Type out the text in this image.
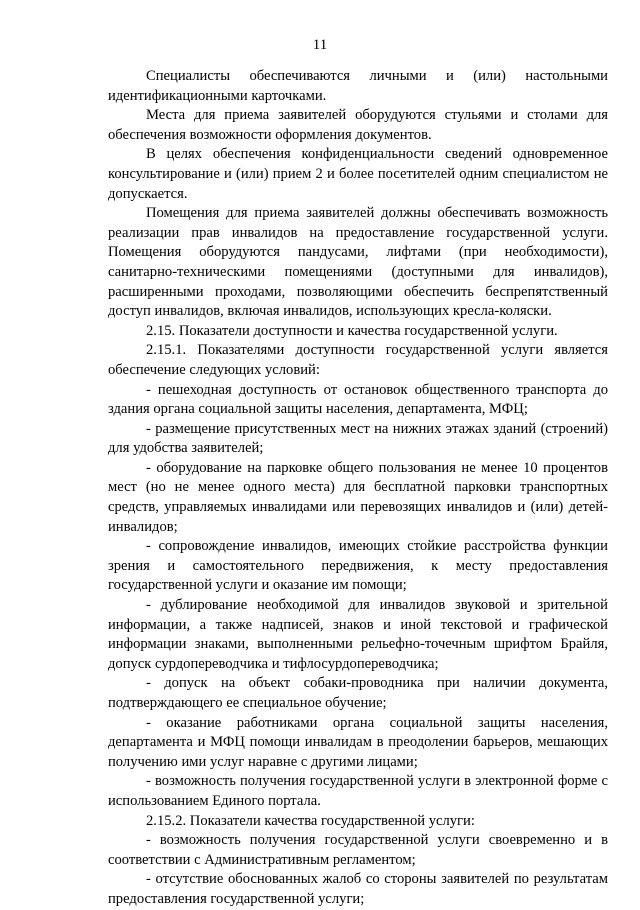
11

Специалисты обеспечиваются личными и (или) настольными идентификационными карточками.

Места для приема заявителей оборудуются стульями и столами для обеспечения возможности оформления документов.

В целях обеспечения конфиденциальности сведений одновременное консультирование и (или) прием 2 и более посетителей одним специалистом не допускается.

Помещения для приема заявителей должны обеспечивать возможность реализации прав инвалидов на предоставление государственной услуги. Помещения оборудуются пандусами, лифтами (при необходимости), санитарно-техническими помещениями (доступными для инвалидов), расширенными проходами, позволяющими обеспечить беспрепятственный доступ инвалидов, включая инвалидов, использующих кресла-коляски.

2.15. Показатели доступности и качества государственной услуги.

2.15.1. Показателями доступности государственной услуги является обеспечение следующих условий:

- пешеходная доступность от остановок общественного транспорта до здания органа социальной защиты населения, департамента, МФЦ;

- размещение присутственных мест на нижних этажах зданий (строений) для удобства заявителей;

- оборудование на парковке общего пользования не менее 10 процентов мест (но не менее одного места) для бесплатной парковки транспортных средств, управляемых инвалидами или перевозящих инвалидов и (или) детей-инвалидов;

- сопровождение инвалидов, имеющих стойкие расстройства функции зрения и самостоятельного передвижения, к месту предоставления государственной услуги и оказание им помощи;

- дублирование необходимой для инвалидов звуковой и зрительной информации, а также надписей, знаков и иной текстовой и графической информации знаками, выполненными рельефно-точечным шрифтом Брайля, допуск сурдопереводчика и тифлосурдопереводчика;

- допуск на объект собаки-проводника при наличии документа, подтверждающего ее специальное обучение;

- оказание работниками органа социальной защиты населения, департамента и МФЦ помощи инвалидам в преодолении барьеров, мешающих получению ими услуг наравне с другими лицами;

- возможность получения государственной услуги в электронной форме с использованием Единого портала.

2.15.2. Показатели качества государственной услуги:

- возможность получения государственной услуги своевременно и в соответствии с Административным регламентом;

- отсутствие обоснованных жалоб со стороны заявителей по результатам предоставления государственной услуги;
